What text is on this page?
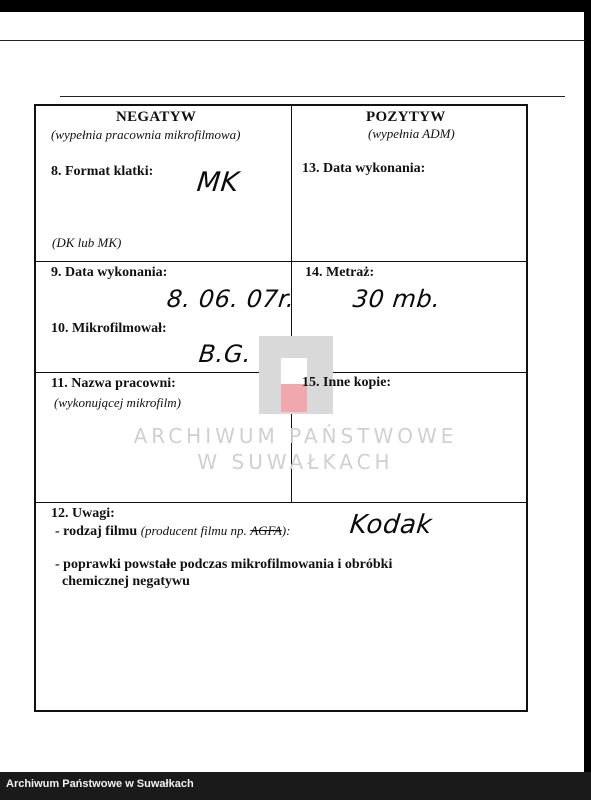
ARCHIWUM PAŃSTWOWE
W SUWAŁKACH
NEGATYW
(wypełnia pracownia mikrofilmowa)
POZYTYW
(wypełnia ADM)
8. Format klatki: MK
(DK lub MK)
13. Data wykonania:
9. Data wykonania:
8. 06. 07r.
14. Metraż:
30 mb.
10. Mikrofilmował:
B.G.
11. Nazwa pracowni:
(wykonującej mikrofilm)
15. Inne kopie:
12. Uwagi:
- rodzaj filmu (producent filmu np. AGFA): Kodak
- poprawki powstałe podczas mikrofilmowania i obróbki
chemicznej negatywu
Archiwum Państwowe w Suwałkach
